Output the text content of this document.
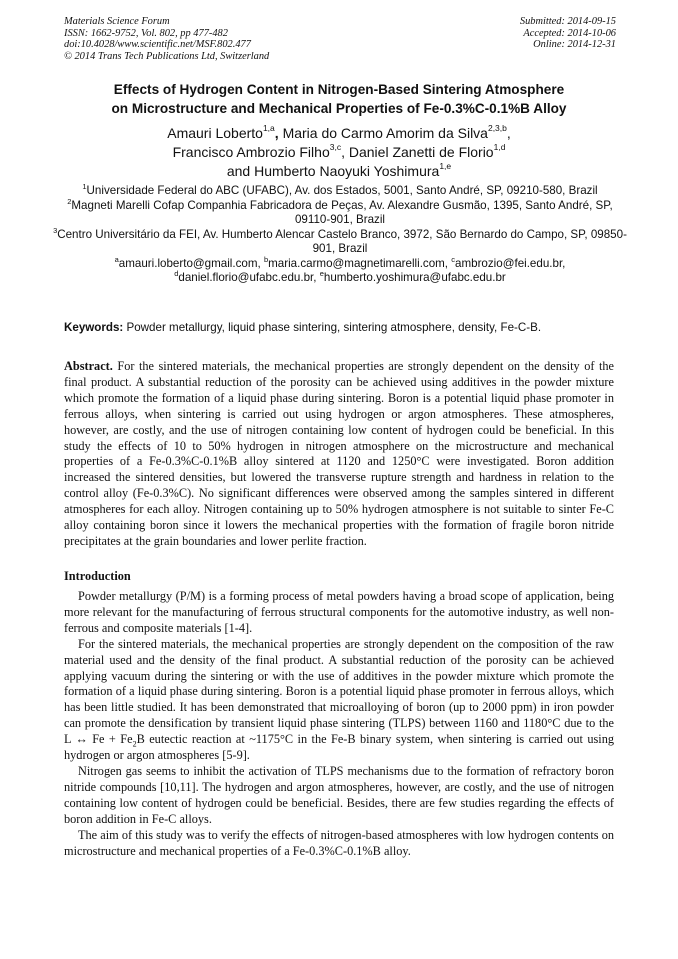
Materials Science Forum
ISSN: 1662-9752, Vol. 802, pp 477-482
doi:10.4028/www.scientific.net/MSF.802.477
© 2014 Trans Tech Publications Ltd, Switzerland
Submitted: 2014-09-15
Accepted: 2014-10-06
Online: 2014-12-31
Effects of Hydrogen Content in Nitrogen-Based Sintering Atmosphere
on Microstructure and Mechanical Properties of Fe-0.3%C-0.1%B Alloy
Amauri Loberto$^{1,a}$, Maria do Carmo Amorim da Silva$^{2,3,b}$,
Francisco Ambrozio Filho$^{3,c}$, Daniel Zanetti de Florio$^{1,d}$
and Humberto Naoyuki Yoshimura$^{1,e}$

$^1$Universidade Federal do ABC (UFABC), Av. dos Estados, 5001, Santo André, SP, 09210-580, Brazil

$^2$Magneti Marelli Cofap Companhia Fabricadora de Peças, Av. Alexandre Gusmão, 1395, Santo André, SP, 09110-901, Brazil

$^3$Centro Universitário da FEI, Av. Humberto Alencar Castelo Branco, 3972, São Bernardo do Campo, SP, 09850-901, Brazil

$^a$amauri.loberto@gmail.com, $^b$maria.carmo@magnetimarelli.com, $^c$ambrozio@fei.edu.br,

$^d$daniel.florio@ufabc.edu.br, $^e$humberto.yoshimura@ufabc.edu.br

Keywords: Powder metallurgy, liquid phase sintering, sintering atmosphere, density, Fe-C-B.

Abstract. For the sintered materials, the mechanical properties are strongly dependent on the density of the final product. A substantial reduction of the porosity can be achieved using additives in the powder mixture which promote the formation of a liquid phase during sintering. Boron is a potential liquid phase promoter in ferrous alloys, when sintering is carried out using hydrogen or argon atmospheres. These atmospheres, however, are costly, and the use of nitrogen containing low content of hydrogen could be beneficial. In this study the effects of 10 to 50% hydrogen in nitrogen atmosphere on the microstructure and mechanical properties of a Fe-0.3%C-0.1%B alloy sintered at 1120 and 1250°C were investigated. Boron addition increased the sintered densities, but lowered the transverse rupture strength and hardness in relation to the control alloy (Fe-0.3%C). No significant differences were observed among the samples sintered in different atmospheres for each alloy. Nitrogen containing up to 50% hydrogen atmosphere is not suitable to sinter Fe-C alloy containing boron since it lowers the mechanical properties with the formation of fragile boron nitride precipitates at the grain boundaries and lower perlite fraction.

Introduction

Powder metallurgy (P/M) is a forming process of metal powders having a broad scope of application, being more relevant for the manufacturing of ferrous structural components for the automotive industry, as well non-ferrous and composite materials [1-4].

For the sintered materials, the mechanical properties are strongly dependent on the composition of the raw material used and the density of the final product. A substantial reduction of the porosity can be achieved applying vacuum during the sintering or with the use of additives in the powder mixture which promote the formation of a liquid phase during sintering. Boron is a potential liquid phase promoter in ferrous alloys, which has been little studied. It has been demonstrated that microalloying of boron (up to 2000 ppm) in iron powder can promote the densification by transient liquid phase sintering (TLPS) between 1160 and 1180°C due to the L ↔ $Fe + Fe_2B$ eutectic reaction at ~1175°C in the Fe-B binary system, when sintering is carried out using hydrogen or argon atmospheres [5-9].

Nitrogen gas seems to inhibit the activation of TLPS mechanisms due to the formation of refractory boron nitride compounds [10,11]. The hydrogen and argon atmospheres, however, are costly, and the use of nitrogen containing low content of hydrogen could be beneficial. Besides, there are few studies regarding the effects of boron addition in Fe-C alloys.

The aim of this study was to verify the effects of nitrogen-based atmospheres with low hydrogen contents on microstructure and mechanical properties of a Fe-0.3%C-0.1%B alloy.
